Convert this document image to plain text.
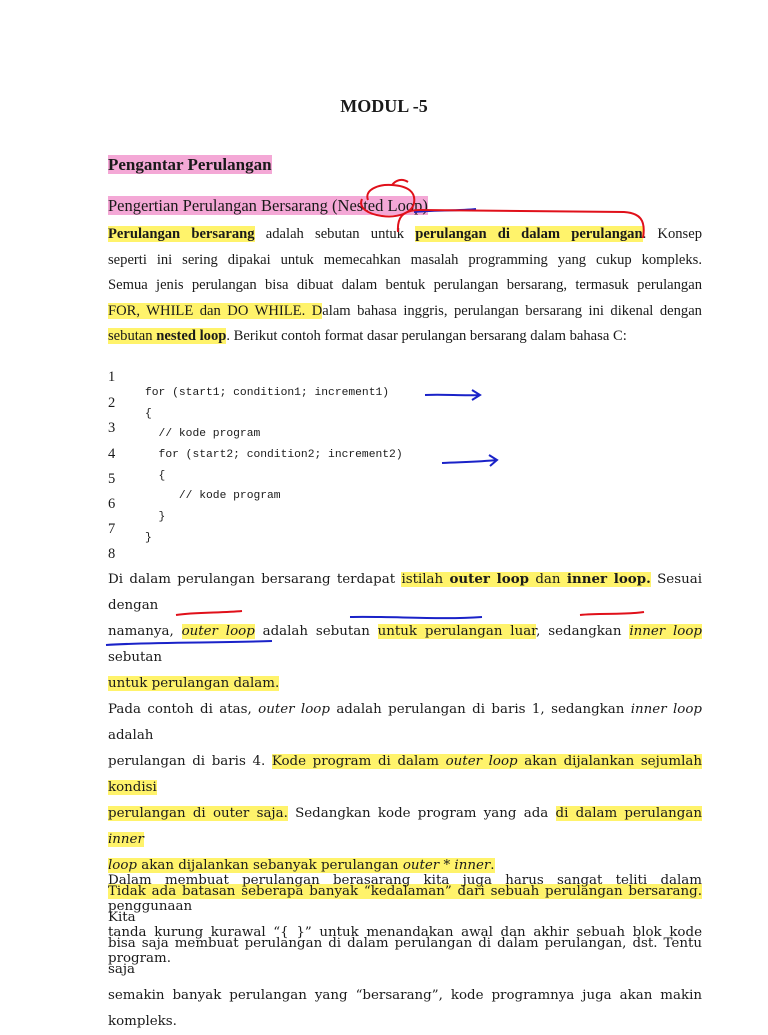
MODUL -5
Pengantar Perulangan
Pengertian Perulangan Bersarang (Nested Loop)
Perulangan bersarang adalah sebutan untuk perulangan di dalam perulangan. Konsep
seperti ini sering dipakai untuk memecahkan masalah programming yang cukup kompleks.
Semua jenis perulangan bisa dibuat dalam bentuk perulangan bersarang, termasuk perulangan
FOR, WHILE dan DO WHILE. Dalam bahasa inggris, perulangan bersarang ini dikenal dengan
sebutan nested loop. Berikut contoh format dasar perulangan bersarang dalam bahasa C:
1
2
3
4
5
6
7
8
for (start1; condition1; increment1)
{
// kode program
for (start2; condition2; increment2)
{
// kode program
}
}
Di dalam perulangan bersarang terdapat istilah outer loop dan inner loop. Sesuai dengan
namanya, outer loop adalah sebutan untuk perulangan luar, sedangkan inner loop sebutan
untuk perulangan dalam.
Pada contoh di atas, outer loop adalah perulangan di baris 1, sedangkan inner loop adalah
perulangan di baris 4. Kode program di dalam outer loop akan dijalankan sejumlah kondisi
perulangan di outer saja. Sedangkan kode program yang ada di dalam perulangan inner
loop akan dijalankan sebanyak perulangan outer * inner.
Tidak ada batasan seberapa banyak “kedalaman” dari sebuah perulangan bersarang. Kita
bisa saja membuat perulangan di dalam perulangan di dalam perulangan, dst. Tentu saja
semakin banyak perulangan yang “bersarang”, kode programnya juga akan makin
kompleks.
Dalam membuat perulangan berasarang kita juga harus sangat teliti dalam penggunaan
tanda kurung kurawal “{ }” untuk menandakan awal dan akhir sebuah blok kode program.
